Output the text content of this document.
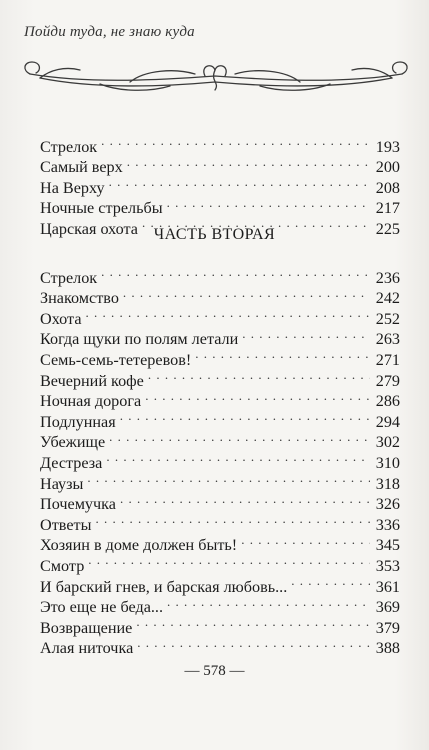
Пойди туда, не знаю куда
Стрелок . . .	193
Самый верх . . .	200
На Верху . . .	208
Ночные стрельбы . . .	217
Царская охота . . .	225
ЧАСТЬ ВТОРАЯ
Стрелок . . .	236
Знакомство . . .	242
Охота . . .	252
Когда щуки по полям летали . . .	263
Семь-семь-тетеревов! . . .	271
Вечерний кофе . . .	279
Ночная дорога . . .	286
Подлунная . . .	294
Убежище . . .	302
Дестреза . . .	310
Наузы . . .	318
Почемучка . . .	326
Ответы . . .	336
Хозяин в доме должен быть! . . .	345
Смотр . . .	353
И барский гнев, и барская любовь... . . .	361
Это еще не беда... . . .	369
Возвращение . . .	379
Алая ниточка . . .	388
— 578 —
